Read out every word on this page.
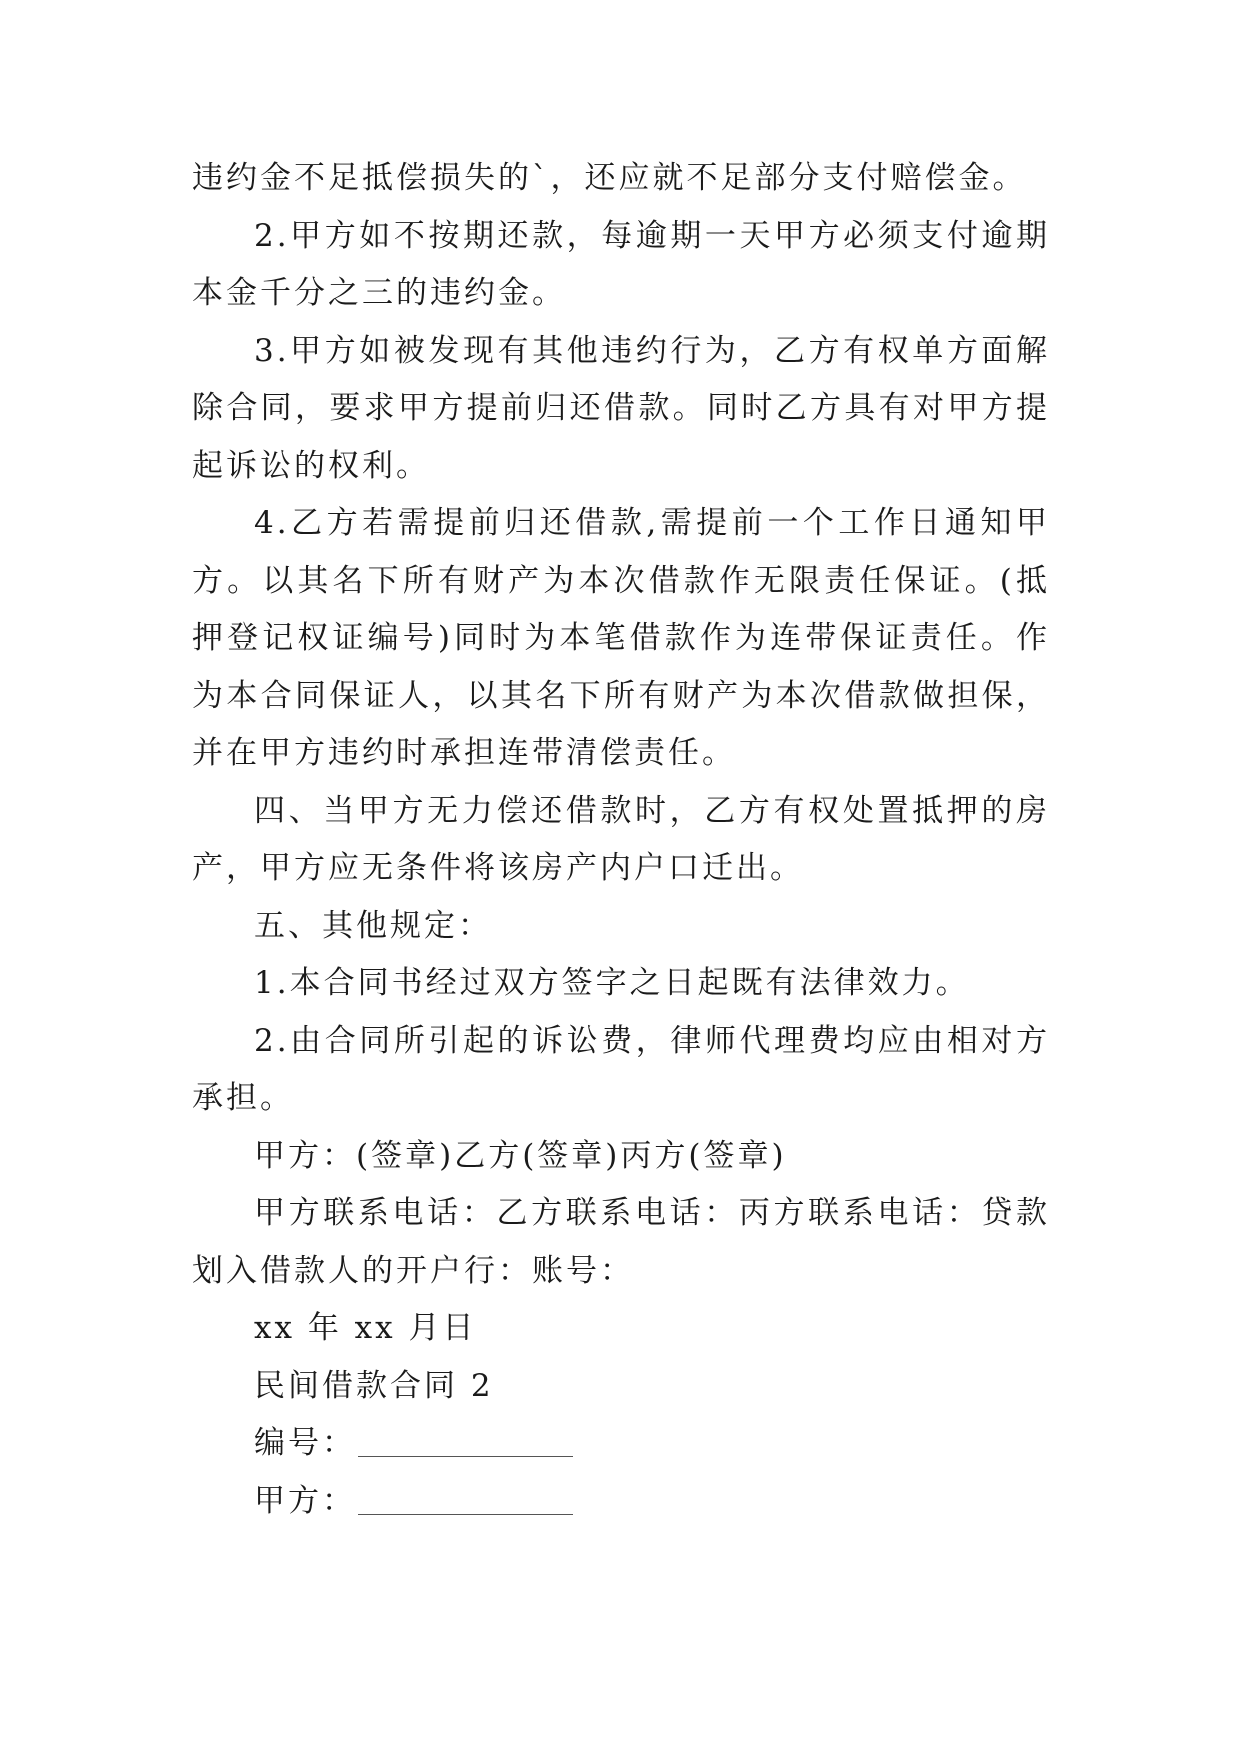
违约金不足抵偿损失的`，还应就不足部分支付赔偿金。

2.甲方如不按期还款，每逾期一天甲方必须支付逾期本金千分之三的违约金。

3.甲方如被发现有其他违约行为，乙方有权单方面解除合同，要求甲方提前归还借款。同时乙方具有对甲方提起诉讼的权利。

4.乙方若需提前归还借款,需提前一个工作日通知甲方。以其名下所有财产为本次借款作无限责任保证。(抵押登记权证编号)同时为本笔借款作为连带保证责任。作为本合同保证人，以其名下所有财产为本次借款做担保，并在甲方违约时承担连带清偿责任。

四、当甲方无力偿还借款时，乙方有权处置抵押的房产，甲方应无条件将该房产内户口迁出。

五、其他规定：

1.本合同书经过双方签字之日起既有法律效力。

2.由合同所引起的诉讼费，律师代理费均应由相对方承担。

甲方：(签章)乙方(签章)丙方(签章)

甲方联系电话：乙方联系电话：丙方联系电话：贷款划入借款人的开户行：账号：

xx 年 xx 月日

民间借款合同 2

编号：
甲方：
